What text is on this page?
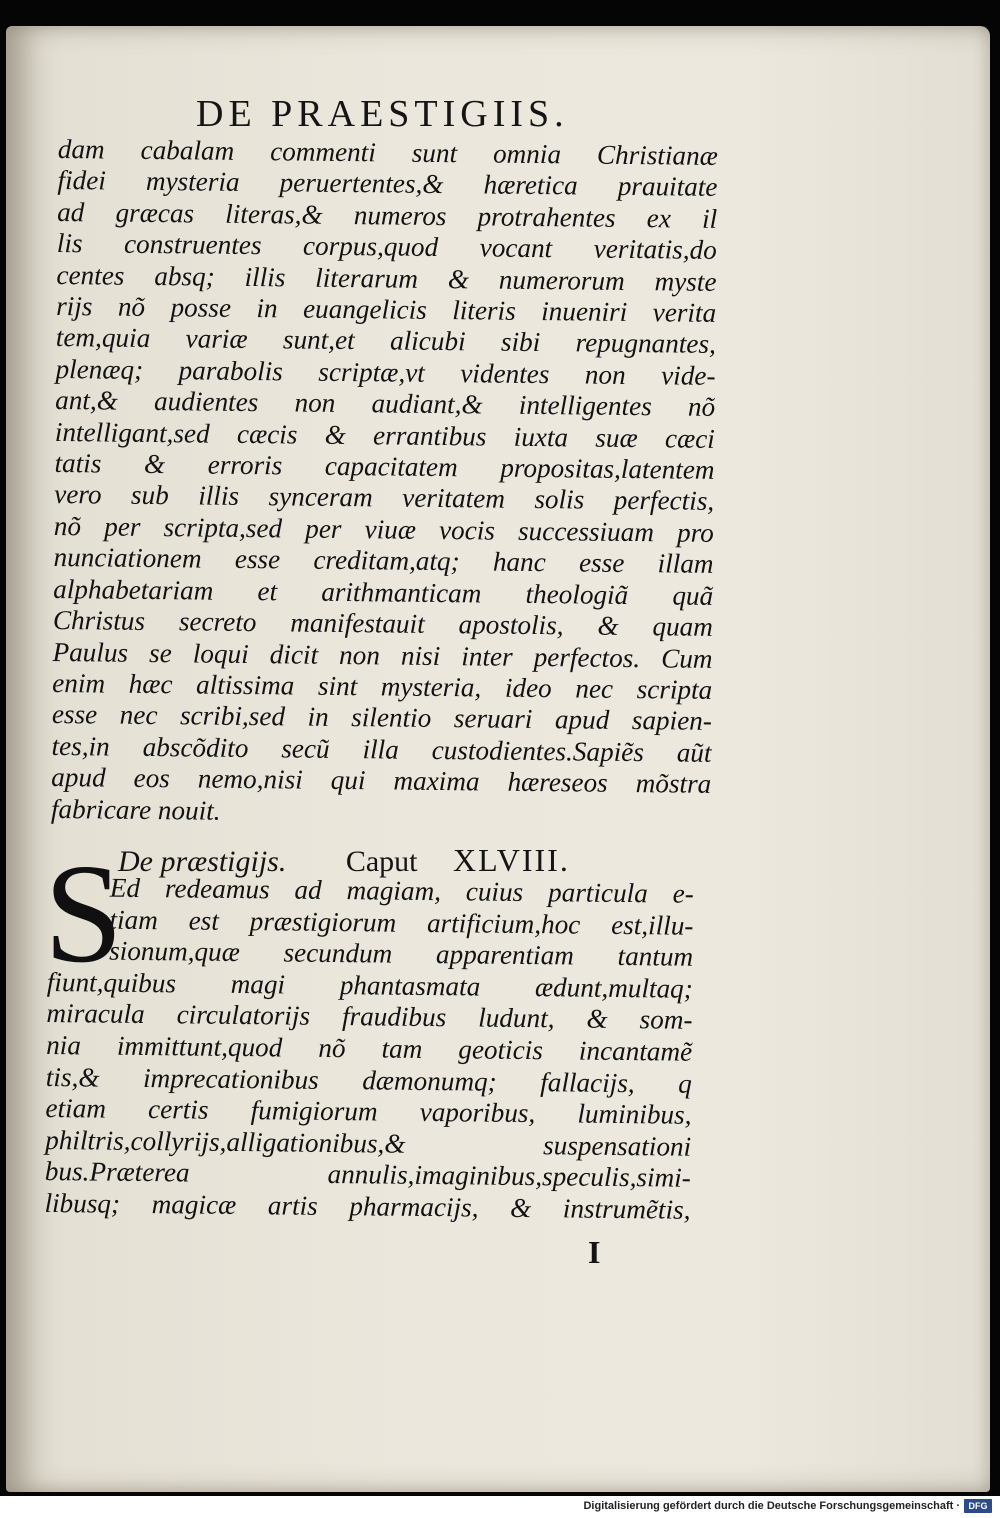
DE PRAESTIGIIS.
dam cabalam commenti sunt omnia Christianæ
fidei mysteria peruertentes,& hæretica prauitate
ad græcas literas,& numeros protrahentes ex il
lis construentes corpus,quod vocant veritatis,do
centes absq; illis literarum & numerorum myste
rijs nõ posse in euangelicis literis inueniri verita
tem,quia variæ sunt,et alicubi sibi repugnantes,
plenæq; parabolis scriptæ,vt videntes non vide-
ant,& audientes non audiant,& intelligentes nõ
intelligant,sed cæcis & errantibus iuxta suæ cæci
tatis & erroris capacitatem propositas,latentem
vero sub illis synceram veritatem solis perfectis,
nõ per scripta,sed per viuæ vocis successiuam pro
nunciationem esse creditam,atq; hanc esse illam
alphabetariam et arithmanticam theologiã quã
Christus secreto manifestauit apostolis, & quam
Paulus se loqui dicit non nisi inter perfectos. Cum
enim hæc altissima sint mysteria, ideo nec scripta
esse nec scribi,sed in silentio seruari apud sapien-
tes,in abscõdito secũ illa custodientes.Sapiẽs aũt
apud eos nemo,nisi qui maxima hæreseos mõstra
fabricare nouit.
S
De præstigijs. Caput XLVIII.
Ed redeamus ad magiam, cuius particula e-
tiam est præstigiorum artificium,hoc est,illu-
sionum,quæ secundum apparentiam tantum
fiunt,quibus magi phantasmata ædunt,multaq;
miracula circulatorijs fraudibus ludunt, & som-
nia immittunt,quod nõ tam geoticis incantamẽ
tis,& imprecationibus dæmonumq; fallacijs, q
etiam certis fumigiorum vaporibus, luminibus,
philtris,collyrijs,alligationibus,& suspensationi
bus.Præterea annulis,imaginibus,speculis,simi-
libusq; magicæ artis pharmacijs, & instrumẽtis,
I
Digitalisierung gefördert durch die Deutsche Forschungsgemeinschaft · DFG
